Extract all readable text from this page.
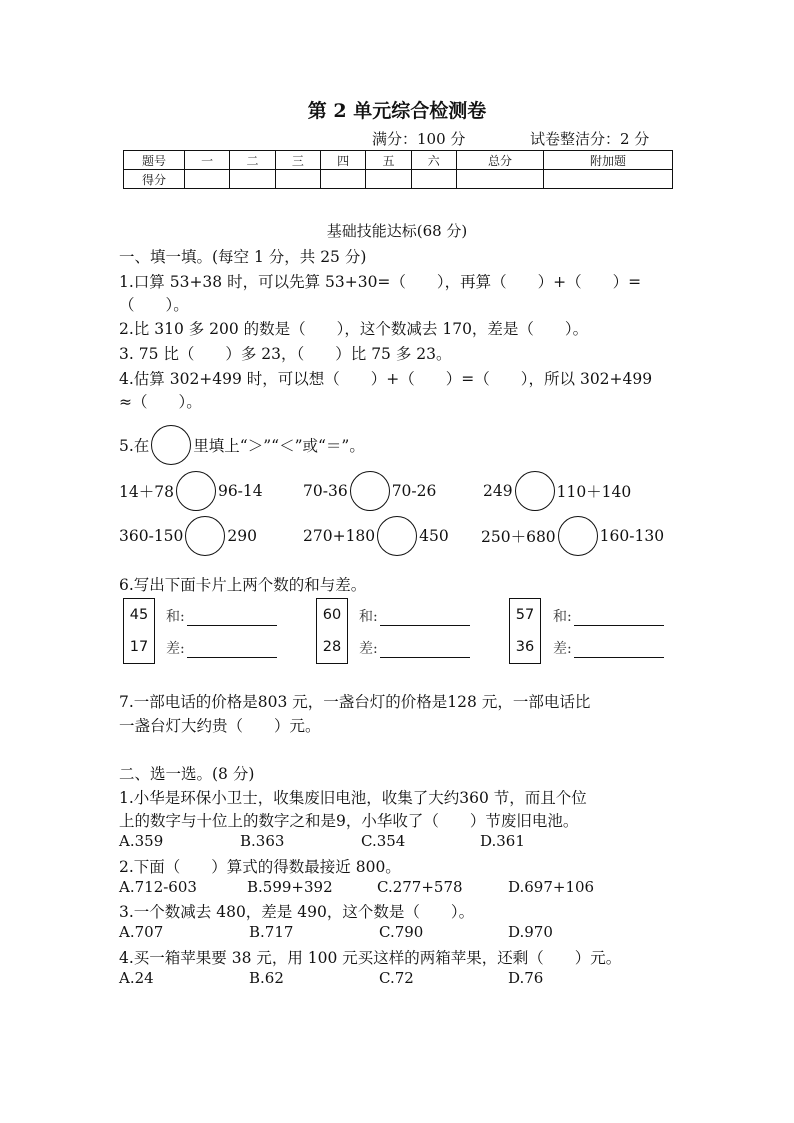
第 2 单元综合检测卷
满分：100 分	试卷整洁分：2 分
题号	一	二	三	四	五	六	总分	附加题
得分								
基础技能达标(68 分)
一、填一填。(每空 1 分，共 25 分)
1.口算 53+38 时，可以先算 53+30=（　　），再算（　　）+（　　）=
（　　）。
2.比 310 多 200 的数是（　　），这个数减去 170，差是（　　）。
3. 75 比（　　）多 23，（　　）比 75 多 23。
4.估算 302+499 时，可以想（　　）+（　　）=（　　），所以 302+499
≈（　　）。
5.在	里填上“＞”“＜”或“＝”。
14＋78	96-14	70-36	70-26	249	110＋140
360-150	290	270+180	450 250＋680	160-130
6.写出下面卡片上两个数的和与差。
45
17
和:
差:
60
28
和:
差:
57
36
和:
差:
7.一部电话的价格是803 元，一盏台灯的价格是128 元，一部电话比
一盏台灯大约贵（　　）元。
二、选一选。(8 分)
1.小华是环保小卫士，收集废旧电池，收集了大约360 节，而且个位
上的数字与十位上的数字之和是9，小华收了（　　）节废旧电池。
A.359	B.363	C.354	D.361
2.下面（　　）算式的得数最接近 800。
A.712-603	B.599+392	C.277+578	D.697+106
3.一个数减去 480，差是 490，这个数是（　　）。
A.707	B.717	C.790	D.970
4.买一箱苹果要 38 元，用 100 元买这样的两箱苹果，还剩（　　）元。
A.24	B.62	C.72	D.76
